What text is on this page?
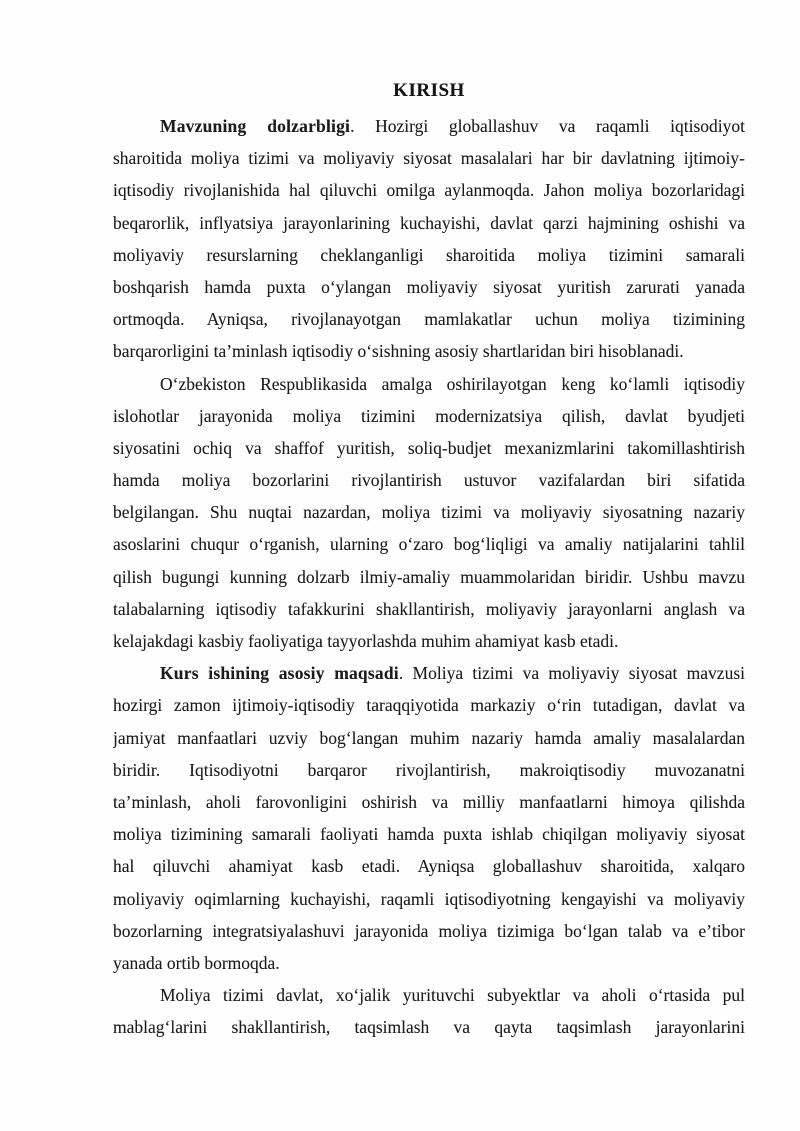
KIRISH
Mavzuning dolzarbligi. Hozirgi globallashuv va raqamli iqtisodiyot
sharoitida moliya tizimi va moliyaviy siyosat masalalari har bir davlatning ijtimoiy-
iqtisodiy rivojlanishida hal qiluvchi omilga aylanmoqda. Jahon moliya bozorlaridagi
beqarorlik, inflyatsiya jarayonlarining kuchayishi, davlat qarzi hajmining oshishi va
moliyaviy resurslarning cheklanganligi sharoitida moliya tizimini samarali
boshqarish hamda puxta oʻylangan moliyaviy siyosat yuritish zarurati yanada
ortmoqda. Ayniqsa, rivojlanayotgan mamlakatlar uchun moliya tizimining
barqarorligini taʼminlash iqtisodiy oʻsishning asosiy shartlaridan biri hisoblanadi.
Oʻzbekiston Respublikasida amalga oshirilayotgan keng koʻlamli iqtisodiy
islohotlar jarayonida moliya tizimini modernizatsiya qilish, davlat byudjeti
siyosatini ochiq va shaffof yuritish, soliq-budjet mexanizmlarini takomillashtirish
hamda moliya bozorlarini rivojlantirish ustuvor vazifalardan biri sifatida
belgilangan. Shu nuqtai nazardan, moliya tizimi va moliyaviy siyosatning nazariy
asoslarini chuqur oʻrganish, ularning oʻzaro bogʻliqligi va amaliy natijalarini tahlil
qilish bugungi kunning dolzarb ilmiy-amaliy muammolaridan biridir. Ushbu mavzu
talabalarning iqtisodiy tafakkurini shakllantirish, moliyaviy jarayonlarni anglash va
kelajakdagi kasbiy faoliyatiga tayyorlashda muhim ahamiyat kasb etadi.
Kurs ishining asosiy maqsadi. Moliya tizimi va moliyaviy siyosat mavzusi
hozirgi zamon ijtimoiy-iqtisodiy taraqqiyotida markaziy oʻrin tutadigan, davlat va
jamiyat manfaatlari uzviy bogʻlangan muhim nazariy hamda amaliy masalalardan
biridir. Iqtisodiyotni barqaror rivojlantirish, makroiqtisodiy muvozanatni
taʼminlash, aholi farovonligini oshirish va milliy manfaatlarni himoya qilishda
moliya tizimining samarali faoliyati hamda puxta ishlab chiqilgan moliyaviy siyosat
hal qiluvchi ahamiyat kasb etadi. Ayniqsa globallashuv sharoitida, xalqaro
moliyaviy oqimlarning kuchayishi, raqamli iqtisodiyotning kengayishi va moliyaviy
bozorlarning integratsiyalashuvi jarayonida moliya tizimiga boʻlgan talab va eʼtibor
yanada ortib bormoqda.
Moliya tizimi davlat, xoʻjalik yurituvchi subyektlar va aholi oʻrtasida pul
mablagʻlarini shakllantirish, taqsimlash va qayta taqsimlash jarayonlarini
